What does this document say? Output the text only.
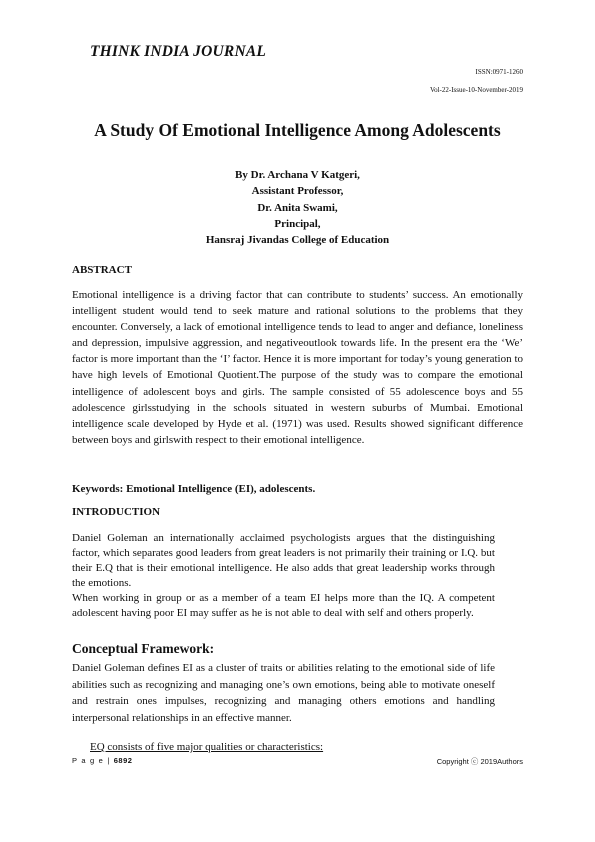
THINK INDIA JOURNAL
ISSN:0971-1260
Vol-22-Issue-10-November-2019
A Study Of Emotional Intelligence Among Adolescents
By Dr. Archana V Katgeri,
Assistant Professor,
Dr. Anita Swami,
Principal,
Hansraj Jivandas College of Education
ABSTRACT

Emotional intelligence is a driving factor that can contribute to students’ success. An emotionally intelligent student would tend to seek mature and rational solutions to the problems that they encounter. Conversely, a lack of emotional intelligence tends to lead to anger and defiance, loneliness and depression, impulsive aggression, and negativeoutlook towards life. In the present era the ‘We’ factor is more important than the ‘I’ factor. Hence it is more important for today’s young generation to have high levels of Emotional Quotient.The purpose of the study was to compare the emotional intelligence of adolescent boys and girls. The sample consisted of 55 adolescence boys and 55 adolescence girlsstudying in the schools situated in western suburbs of Mumbai. Emotional intelligence scale developed by Hyde et al. (1971) was used. Results showed significant difference between boys and girlswith respect to their emotional intelligence.

Keywords: Emotional Intelligence (EI), adolescents.
INTRODUCTION

Daniel Goleman an internationally acclaimed psychologists argues that the distinguishing factor, which separates good leaders from great leaders is not primarily their training or I.Q. but their E.Q that is their emotional intelligence. He also adds that great leadership works through the emotions.

When working in group or as a member of a team EI helps more than the IQ. A competent adolescent having poor EI may suffer as he is not able to deal with self and others properly.

Conceptual Framework:

Daniel Goleman defines EI as a cluster of traits or abilities relating to the emotional side of life abilities such as recognizing and managing one’s own emotions, being able to motivate oneself and restrain ones impulses, recognizing and managing others emotions and handling interpersonal relationships in an effective manner.

EQ consists of five major qualities or characteristics:
P a g e | 6892	Copyright ⓒ 2019Authors
